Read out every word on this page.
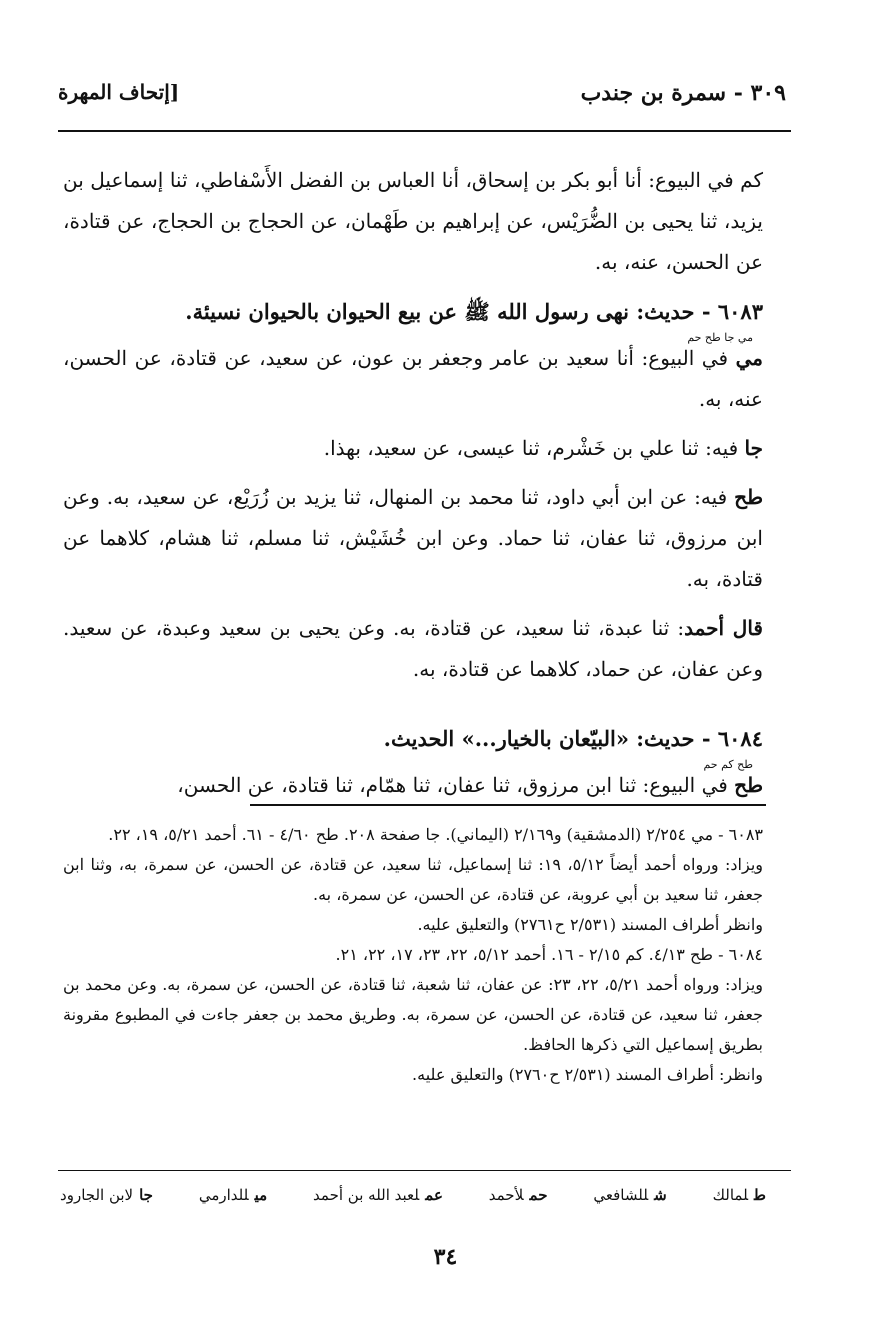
٣٠٩ - سمرة بن جندب
[إتحاف المهرة

كم في البيوع: أنا أبو بكر بن إسحاق، أنا العباس بن الفضل الأَسْفاطي، ثنا إسماعيل بن يزيد، ثنا يحيى بن الضُّرَيْس، عن إبراهيم بن طَهْمان، عن الحجاج بن الحجاج، عن قتادة، عن الحسن، عنه، به.

٦٠٨٣ - حديث: نهى رسول الله ﷺ عن بيع الحيوان بالحيوان نسيئة.

مي جا طح حم

مي في البيوع: أنا سعيد بن عامر وجعفر بن عون، عن سعيد، عن قتادة، عن الحسن، عنه، به.

جا فيه: ثنا علي بن خَشْرم، ثنا عيسى، عن سعيد، بهذا.

طح فيه: عن ابن أبي داود، ثنا محمد بن المنهال، ثنا يزيد بن زُرَيْع، عن سعيد، به. وعن ابن مرزوق، ثنا عفان، ثنا حماد. وعن ابن خُشَيْش، ثنا مسلم، ثنا هشام، كلاهما عن قتادة، به.

قال أحمد: ثنا عبدة، ثنا سعيد، عن قتادة، به. وعن يحيى بن سعيد وعبدة، عن سعيد. وعن عفان، عن حماد، كلاهما عن قتادة، به.

٦٠٨٤ - حديث: «البيّعان بالخيار...» الحديث.

طح كم حم

طح في البيوع: ثنا ابن مرزوق، ثنا عفان، ثنا همّام، ثنا قتادة، عن الحسن،

٦٠٨٣ - مي ٢/٢٥٤ (الدمشقية) و٢/١٦٩ (اليماني). جا صفحة ٢٠٨. طح ٤/٦٠ - ٦١. أحمد ٥/٢١، ١٩، ٢٢.

ويزاد: ورواه أحمد أيضاً ٥/١٢، ١٩: ثنا إسماعيل، ثنا سعيد، عن قتادة، عن الحسن، عن سمرة، به، وثنا ابن جعفر، ثنا سعيد بن أبي عروبة، عن قتادة، عن الحسن، عن سمرة، به.

وانظر أطراف المسند (٢/٥٣١ ح٢٧٦١) والتعليق عليه.

٦٠٨٤ - طح ٤/١٣. كم ٢/١٥ - ١٦. أحمد ٥/١٢، ٢٢، ٢٣، ١٧، ٢٢، ٢١.

ويزاد: ورواه أحمد ٥/٢١، ٢٢، ٢٣: عن عفان، ثنا شعبة، ثنا قتادة، عن الحسن، عن سمرة، به. وعن محمد بن جعفر، ثنا سعيد، عن قتادة، عن الحسن، عن سمرة، به. وطريق محمد بن جعفر جاءت في المطبوع مقرونة بطريق إسماعيل التي ذكرها الحافظ.

وانظر: أطراف المسند (٢/٥٣١ ح٢٧٦٠) والتعليق عليه.

طلمالك
شللشافعي
حملأحمد
عملعبد الله بن أحمد
ميللدارمي
جالابن الجارود
٣٤
